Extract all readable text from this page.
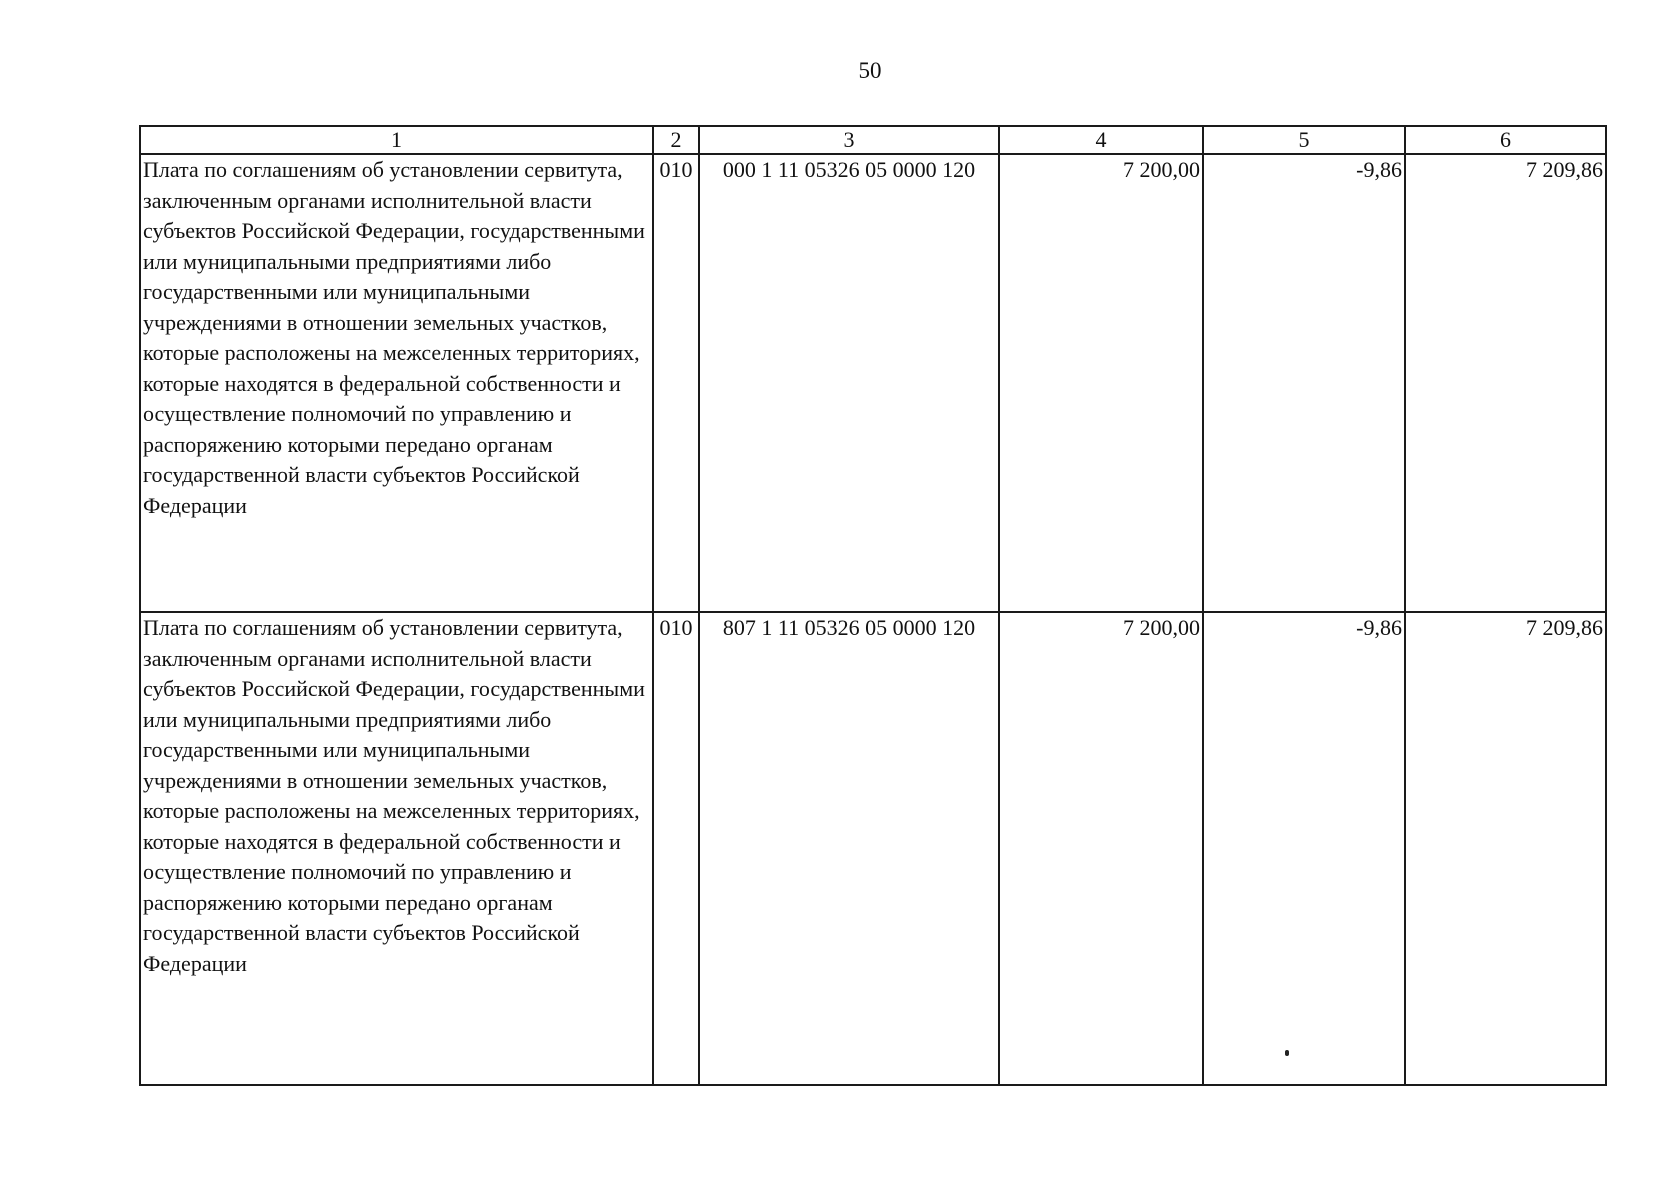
50
1	2	3	4	5	6
Плата по соглашениям об установлении сервитута, заключенным органами исполнительной власти субъектов Российской Федерации, государственными или муниципальными предприятиями либо государственными или муниципальными учреждениями в отношении земельных участков, которые расположены на межселенных территориях, которые находятся в федеральной собственности и осуществление полномочий по управлению и распоряжению которыми передано органам государственной власти субъектов Российской Федерации	010	000 1 11 05326 05 0000 120	7 200,00	-9,86	7 209,86
Плата по соглашениям об установлении сервитута, заключенным органами исполнительной власти субъектов Российской Федерации, государственными или муниципальными предприятиями либо государственными или муниципальными учреждениями в отношении земельных участков, которые расположены на межселенных территориях, которые находятся в федеральной собственности и осуществление полномочий по управлению и распоряжению которыми передано органам государственной власти субъектов Российской Федерации	010	807 1 11 05326 05 0000 120	7 200,00	-9,86	7 209,86
